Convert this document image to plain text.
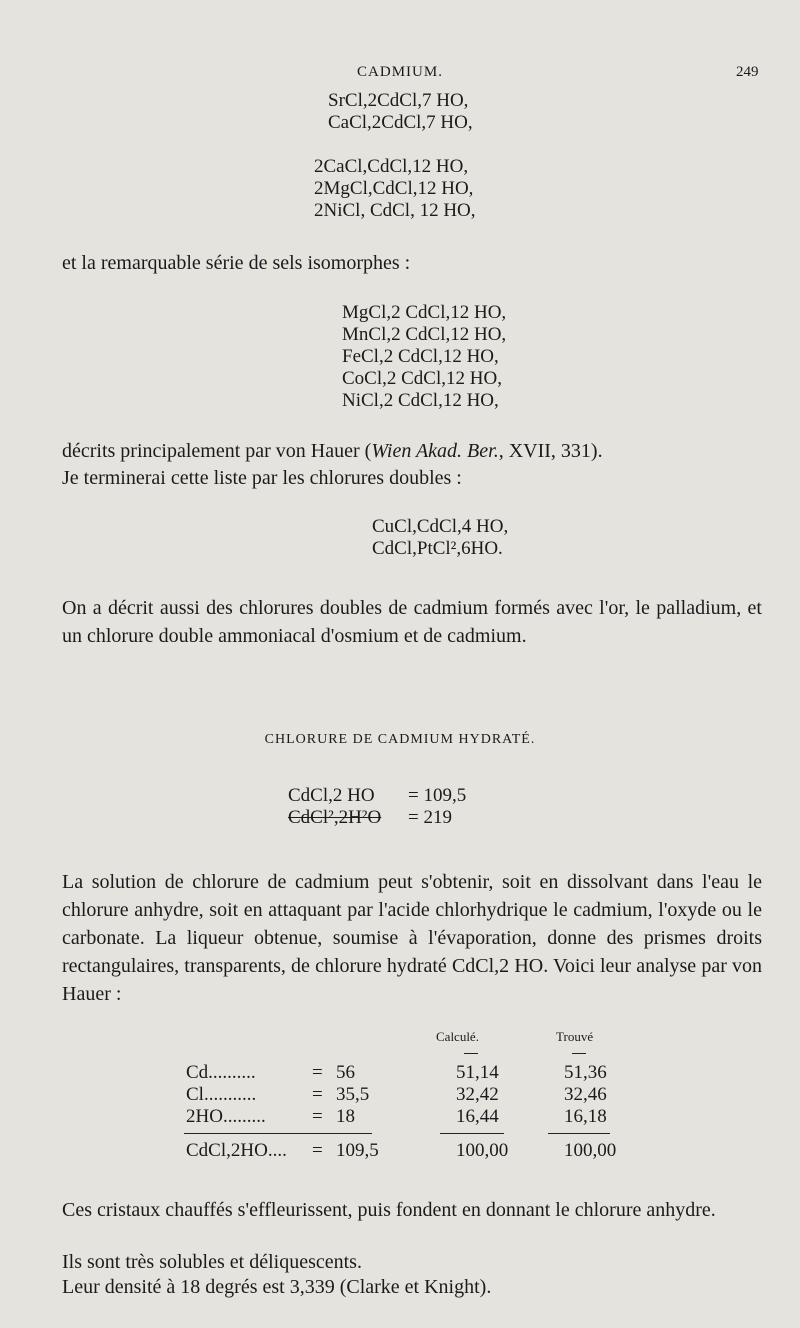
CADMIUM.	249
SrCl,2CdCl,7 HO,
CaCl,2CdCl,7 HO,
2CaCl,CdCl,12 HO,
2MgCl,CdCl,12 HO,
2NiCl, CdCl, 12 HO,
et la remarquable série de sels isomorphes :
MgCl,2 CdCl,12 HO,
MnCl,2 CdCl,12 HO,
FeCl,2 CdCl,12 HO,
CoCl,2 CdCl,12 HO,
NiCl,2 CdCl,12 HO,
décrits principalement par von Hauer (Wien Akad. Ber., XVII, 331).
Je terminerai cette liste par les chlorures doubles :
CuCl,CdCl,4 HO,
CdCl,PtCl²,6HO.

On a décrit aussi des chlorures doubles de cadmium formés avec l'or, le palladium, et un chlorure double ammoniacal d'osmium et de cadmium.

CHLORURE DE CADMIUM HYDRATÉ.
CdCl,2 HO = 109,5
CdCl²,2H²O = 219

La solution de chlorure de cadmium peut s'obtenir, soit en dissolvant dans l'eau le chlorure anhydre, soit en attaquant par l'acide chlorhydrique le cadmium, l'oxyde ou le carbonate. La liqueur obtenue, soumise à l'évaporation, donne des prismes droits rectangulaires, transparents, de chlorure hydraté CdCl,2 HO. Voici leur analyse par von Hauer :

Calculé.	Trouvé
Cd..........	= 56	51,14	51,36
Cl...........	= 35,5	32,42	32,46
2HO......... = 18	16,44	16,18
CdCl,2HO.... = 109,5	100,00	100,00

Ces cristaux chauffés s'effleurissent, puis fondent en donnant le chlorure anhydre.

Ils sont très solubles et déliquescents.
Leur densité à 18 degrés est 3,339 (Clarke et Knight).
